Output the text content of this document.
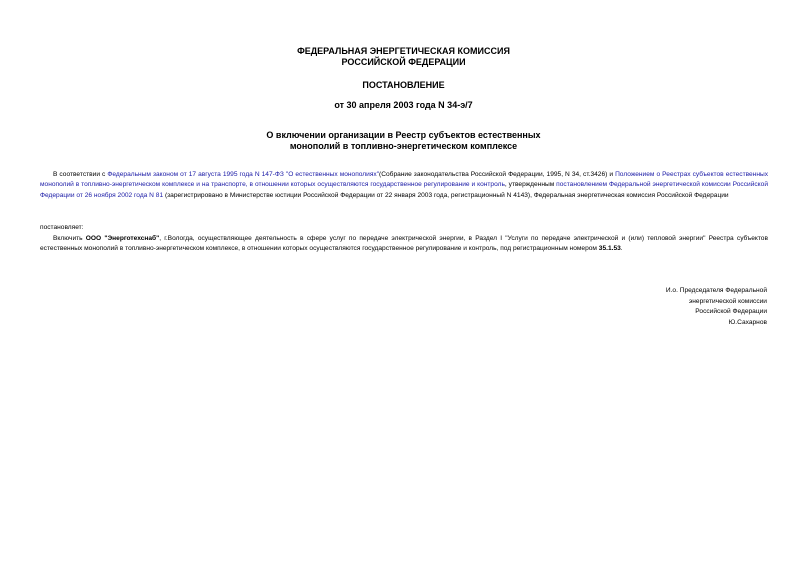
ФЕДЕРАЛЬНАЯ ЭНЕРГЕТИЧЕСКАЯ КОМИССИЯ
РОССИЙСКОЙ ФЕДЕРАЦИИ
ПОСТАНОВЛЕНИЕ
от 30 апреля 2003 года N 34-э/7
О включении организации в Реестр субъектов естественных
монополий в топливно-энергетическом комплексе
В соответствии с Федеральным законом от 17 августа 1995 года N 147-ФЗ "О естественных монополиях"(Собрание законодательства Российской Федерации, 1995, N 34, ст.3426) и Положением о Реестрах субъектов естественных монополий в топливно-энергетическом комплексе и на транспорте, в отношении которых осуществляются государственное регулирование и контроль, утвержденным постановлением Федеральной энергетической комиссии Российской Федерации от 26 ноября 2002 года N 81 (зарегистрировано в Министерстве юстиции Российской Федерации от 22 января 2003 года, регистрационный N 4143), Федеральная энергетическая комиссия Российской Федерации
постановляет:
Включить ООО "Энерготехснаб", г.Вологда, осуществляющее деятельность в сфере услуг по передаче электрической энергии, в Раздел I "Услуги по передаче электрической и (или) тепловой энергии" Реестра субъектов естественных монополий в топливно-энергетическом комплексе, в отношении которых осуществляются государственное регулирование и контроль, под регистрационным номером 35.1.53.
И.о. Председателя Федеральной
энергетической комиссии
Российской Федерации
Ю.Сахарнов
